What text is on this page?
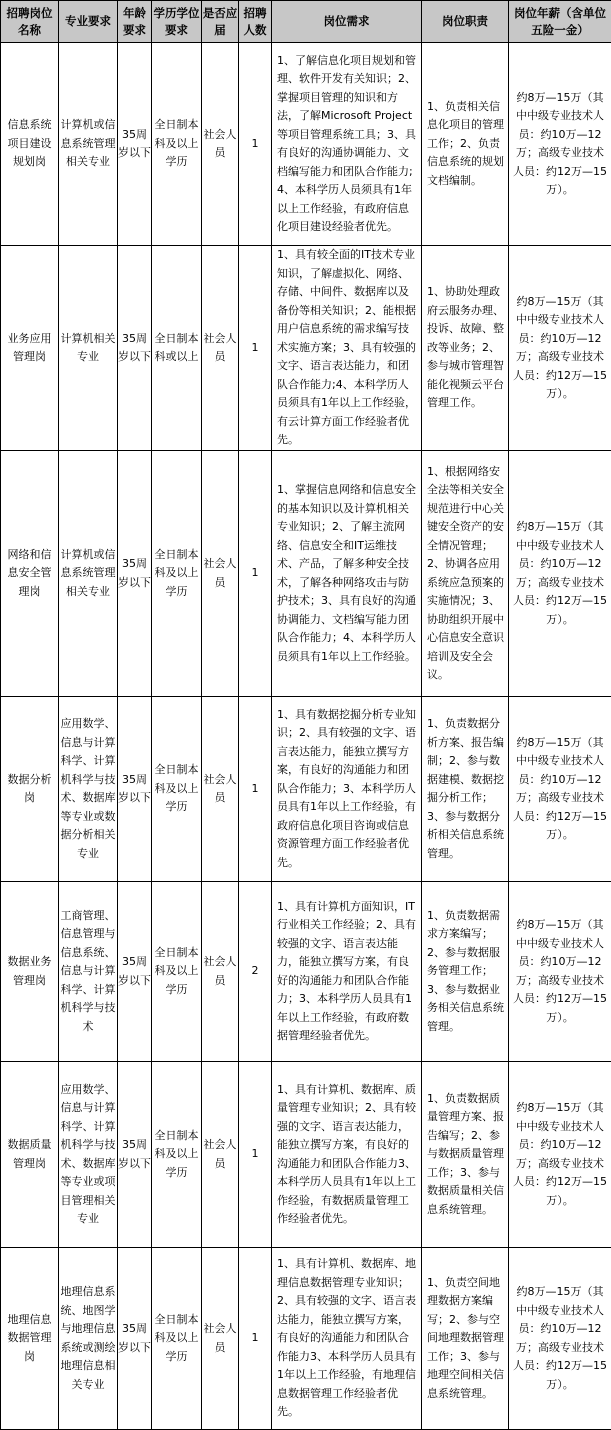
招聘岗位名称	专业要求	年龄要求	学历学位要求	是否应届	招聘人数	岗位需求	岗位职责	岗位年薪（含单位五险一金）
信息系统项目建设规划岗	计算机或信息系统管理相关专业	35周岁以下	全日制本科及以上学历	社会人员	1	1、了解信息化项目规划和管理、软件开发有关知识；2、掌握项目管理的知识和方法，了解Microsoft Project等项目管理系统工具；3、具有良好的沟通协调能力、文档编写能力和团队合作能力;4、本科学历人员须具有1年以上工作经验，有政府信息化项目建设经验者优先。	1、负责相关信息化项目的管理工作；2、负责信息系统的规划文档编制。	约8万—15万（其中中级专业技术人员：约10万—12万；高级专业技术人员：约12万—15万）。
业务应用管理岗	计算机相关专业	35周岁以下	全日制本科或以上	社会人员	1	1、具有较全面的IT技术专业知识，了解虚拟化、网络、存储、中间件、数据库以及备份等相关知识；2、能根据用户信息系统的需求编写技术实施方案；3、具有较强的文字、语言表达能力，和团队合作能力;4、本科学历人员须具有1年以上工作经验，有云计算方面工作经验者优先。	1、协助处理政府云服务办理、投诉、故障、整改等业务；2、参与城市管理智能化视频云平台管理工作。	约8万—15万（其中中级专业技术人员：约10万—12万；高级专业技术人员：约12万—15万）。
网络和信息安全管理岗	计算机或信息系统管理相关专业	35周岁以下	全日制本科及以上学历	社会人员	1	1、掌握信息网络和信息安全的基本知识以及计算机相关专业知识；2、了解主流网络、信息安全和IT运维技术、产品，了解多种安全技术，了解各种网络攻击与防护技术；3、具有良好的沟通协调能力、文档编写能力团队合作能力；4、本科学历人员须具有1年以上工作经验。	1、根据网络安全法等相关安全规范进行中心关键安全资产的安全情况管理；2、协调各应用系统应急预案的实施情况；3、协助组织开展中心信息安全意识培训及安全会议。	约8万—15万（其中中级专业技术人员：约10万—12万；高级专业技术人员：约12万—15万）。
数据分析岗	应用数学、信息与计算科学、计算机科学与技术、数据库等专业或数据分析相关专业	35周岁以下	全日制本科及以上学历	社会人员	1	1、具有数据挖掘分析专业知识；2、具有较强的文字、语言表达能力，能独立撰写方案，有良好的沟通能力和团队合作能力；3、本科学历人员具有1年以上工作经验，有政府信息化项目咨询或信息资源管理方面工作经验者优先。	1、负责数据分析方案、报告编制；2、参与数据建模、数据挖掘分析工作；3、参与数据分析相关信息系统管理。	约8万—15万（其中中级专业技术人员：约10万—12万；高级专业技术人员：约12万—15万）。
数据业务管理岗	工商管理、信息管理与信息系统、信息与计算科学、计算机科学与技术	35周岁以下	全日制本科及以上学历	社会人员	2	1、具有计算机方面知识，IT行业相关工作经验；2、具有较强的文字、语言表达能力，能独立撰写方案，有良好的沟通能力和团队合作能力；3、本科学历人员具有1年以上工作经验，有政府数据管理经验者优先。	1、负责数据需求方案编写；2、参与数据服务管理工作；3、参与数据业务相关信息系统管理。	约8万—15万（其中中级专业技术人员：约10万—12万；高级专业技术人员：约12万—15万）。
数据质量管理岗	应用数学、信息与计算科学、计算机科学与技术、数据库等专业或项目管理相关专业	35周岁以下	全日制本科及以上学历	社会人员	1	1、具有计算机、数据库、质量管理专业知识；2、具有较强的文字、语言表达能力，能独立撰写方案，有良好的沟通能力和团队合作能力3、本科学历人员具有1年以上工作经验，有数据质量管理工作经验者优先。	1、负责数据质量管理方案、报告编写；2、参与数据质量管理工作；3、参与数据质量相关信息系统管理。	约8万—15万（其中中级专业技术人员：约10万—12万；高级专业技术人员：约12万—15万）。
地理信息数据管理岗	地理信息系统、地图学与地理信息系统或测绘地理信息相关专业	35周岁以下	全日制本科及以上学历	社会人员	1	1、具有计算机、数据库、地理信息数据管理专业知识；2、具有较强的文字、语言表达能力，能独立撰写方案，有良好的沟通能力和团队合作能力3、本科学历人员具有1年以上工作经验，有地理信息数据管理工作经验者优先。	1、负责空间地理数据方案编写；2、参与空间地理数据管理工作；3、参与地理空间相关信息系统管理。	约8万—15万（其中中级专业技术人员：约10万—12万；高级专业技术人员：约12万—15万）。
